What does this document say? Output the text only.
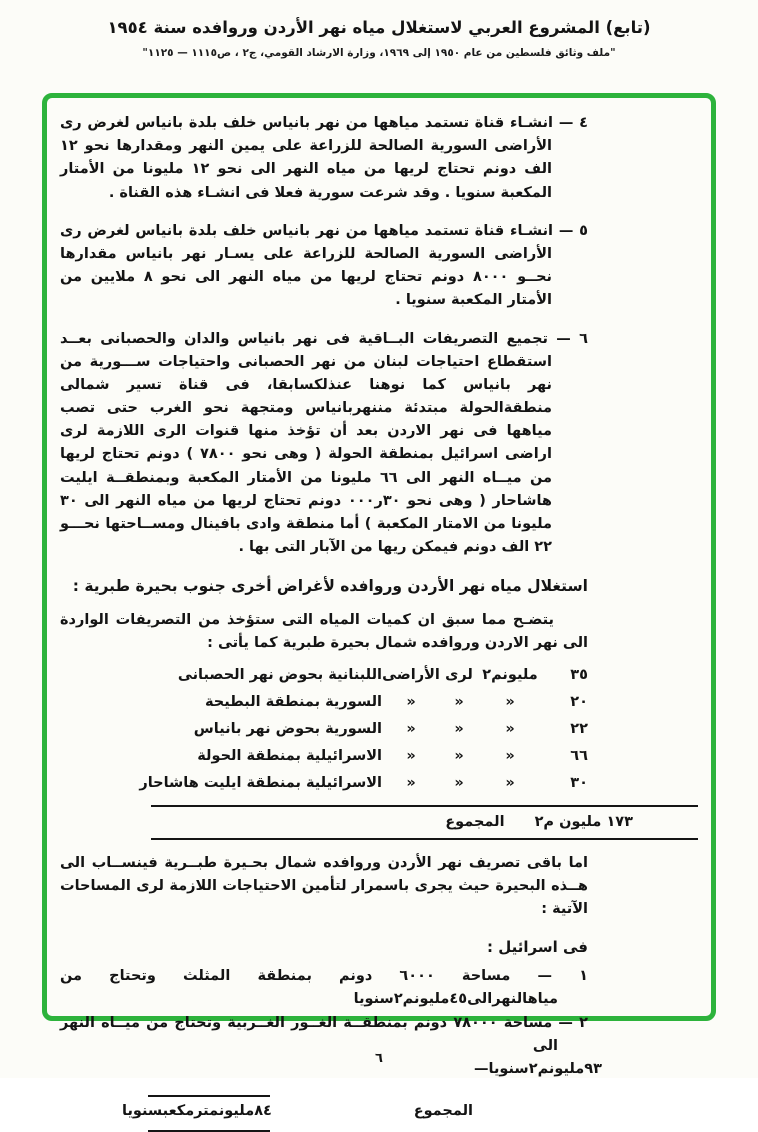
(تابع) المشروع العربي لاستغلال مياه نهر الأردن وروافده سنة ١٩٥٤
"ملف وثائق فلسطين من عام ١٩٥٠ إلى ١٩٦٩، وزارة الارشاد القومي، ج٢ ، ص١١١٥ — ١١٢٥"

٤ — انشـاء قناة تستمد مياهها من نهر بانياس خلف بلدة بانياس لغرض رى الأراضى السورية الصالحة للزراعة على يمين النهر ومقدارها نحو ١٢ الف دونم تحتاج لريها من مياه النهر الى نحو ١٢ مليونا من الأمتار المكعبة سنويا . وقد شرعت سورية فعلا فى انشـاء هذه القناة .

٥ — انشـاء قناة تستمد مياهها من نهر بانياس خلف بلدة بانياس لغرض رى الأراضى السورية الصالحة للزراعة على يسـار نهر بانياس مقدارها نحــو ٨٠٠٠ دونم تحتاج لريها من مياه النهر الى نحو ٨ ملايين من الأمتار المكعبة سنويا .

٦ — تجميع التصريفات البــاقية فى نهر بانياس والدان والحصبانى بعــد استقطاع احتياجات لبنان من نهر الحصبانى واحتياجات ســـورية من نهر بانياس كما نوهنا عنذلكسابقا، فى قناة تسير شمالى منطقةالحولة مبتدئة مننهربانياس ومتجهة نحو الغرب حتى تصب مياهها فى نهر الاردن بعد أن تؤخذ منها قنوات الرى اللازمة لرى اراضى اسرائيل بمنطقة الحولة ( وهى نحو ٧٨٠٠ ) دونم تحتاج لريها من ميــاه النهر الى ٦٦ مليونا من الأمتار المكعبة وبمنطقــة ايليت هاشاحار ( وهى نحو ٣٠ر٠٠٠ دونم تحتاج لريها من مياه النهر الى ٣٠ مليونا من الامتار المكعبة ) أما منطقة وادى بافينال ومســاحتها نحـــو ٢٢ الف دونم فيمكن ريها من الآبار التى بها .

استغلال مياه نهر الأردن وروافده لأغراض أخرى جنوب بحيرة طبرية :

يتضـح مما سبق ان كميات المياه التى ستؤخذ من التصريفات الواردة الى نهر الاردن وروافده شمال بحيرة طبرية كما يأتى :

٣٥
مليونم٢
لرى
الأراضى
اللبنانية بحوض نهر الحصبانى
٢٠
«
«
«
السورية بمنطقة البطيحة
٢٢
«
«
«
السورية بحوض نهر بانياس
٦٦
«
«
«
الاسرائيلية بمنطقة الحولة
٣٠
«
«
«
الاسرائيلية بمنطقة ايليت هاشاحار
١٧٣ مليون م٢
المجموع

اما باقى تصريف نهر الأردن وروافده شمال بحـيرة طبــرية فينســاب الى هــذه البحيرة حيث يجرى باسمرار لتأمين الاحتياجات اللازمة لرى المساحات الآتية :

فى اسرائيل :

١ — مساحة ٦٠٠٠ دونم بمنطقة المثلث وتحتاج من مياهالنهرالى٤٥مليونم٢سنويا

٢ — مساحة ٧٨٠٠٠ دونم بمنطقــة الغــور الغــربية وتحتاج من ميــاه النهر الى

٩٣مليونم٢سنويا—

المجموع
٨٤مليونمترمكعبسنويا
٦
